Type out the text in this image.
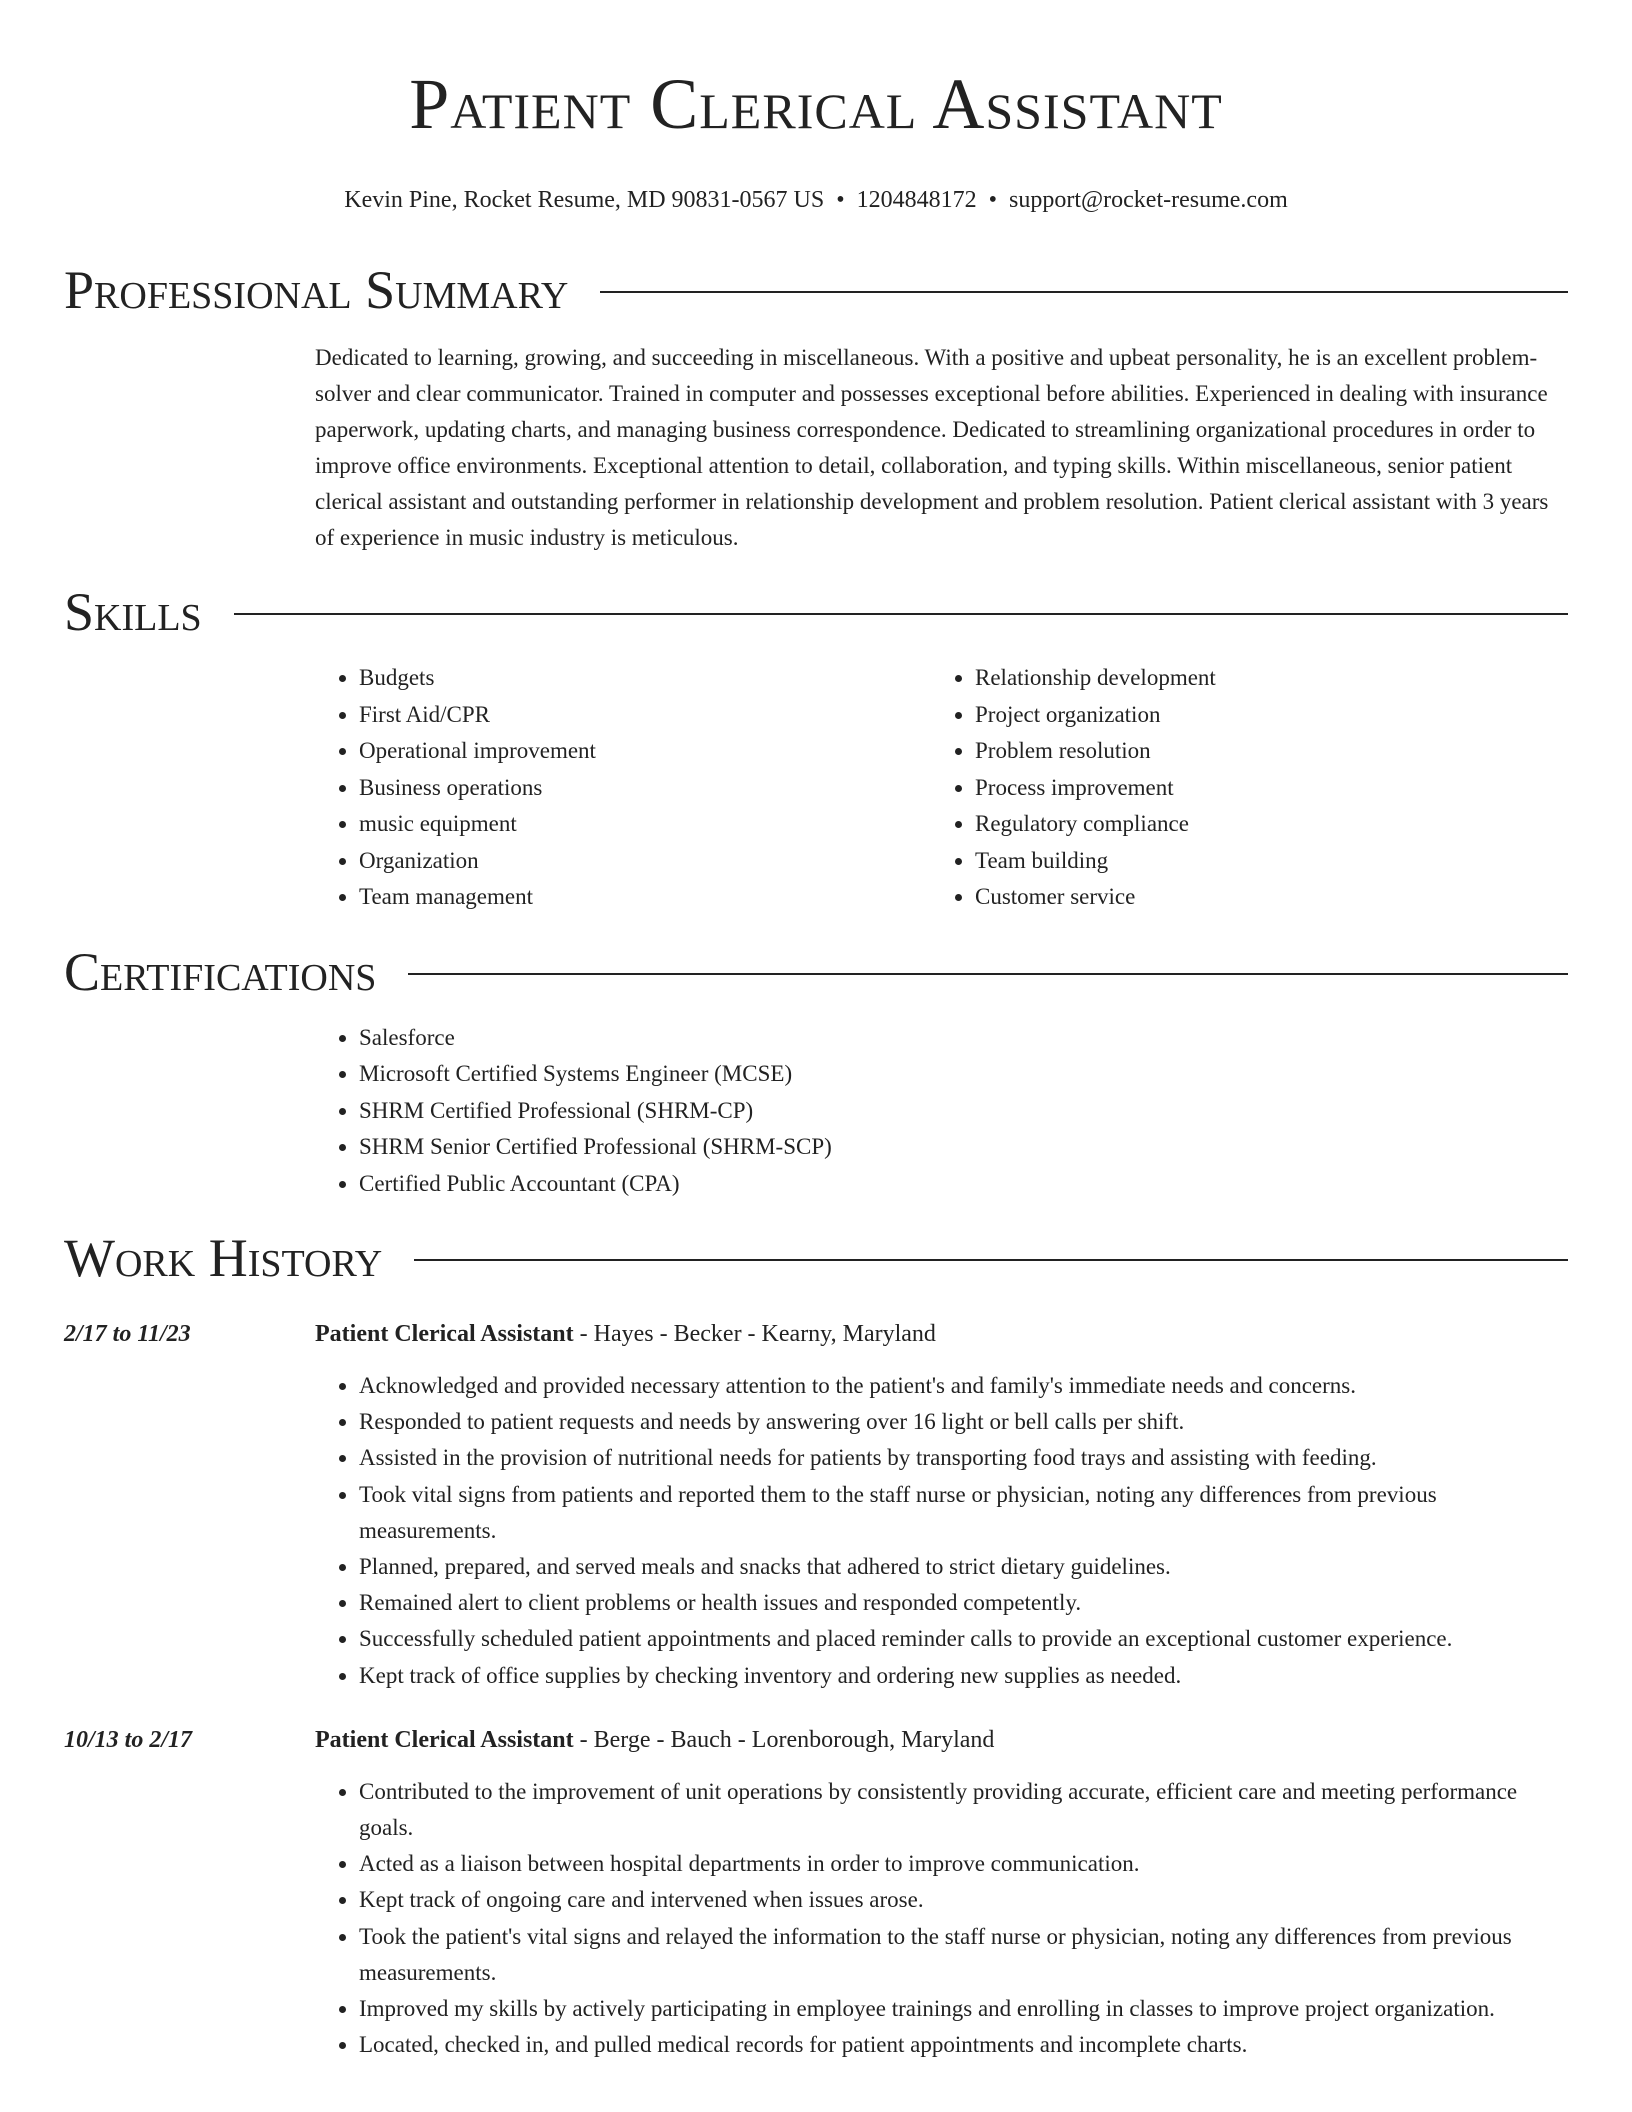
Patient Clerical Assistant
Kevin Pine, Rocket Resume, MD 90831-0567 US • 1204848172 • support@rocket-resume.com
Professional Summary
Dedicated to learning, growing, and succeeding in miscellaneous. With a positive and upbeat personality, he is an excellent problem-solver and clear communicator. Trained in computer and possesses exceptional before abilities. Experienced in dealing with insurance paperwork, updating charts, and managing business correspondence. Dedicated to streamlining organizational procedures in order to improve office environments. Exceptional attention to detail, collaboration, and typing skills. Within miscellaneous, senior patient clerical assistant and outstanding performer in relationship development and problem resolution. Patient clerical assistant with 3 years of experience in music industry is meticulous.
Skills
• Budgets
• First Aid/CPR
• Operational improvement
• Business operations
• music equipment
• Organization
• Team management
• Relationship development
• Project organization
• Problem resolution
• Process improvement
• Regulatory compliance
• Team building
• Customer service
Certifications
• Salesforce
• Microsoft Certified Systems Engineer (MCSE)
• SHRM Certified Professional (SHRM-CP)
• SHRM Senior Certified Professional (SHRM-SCP)
• Certified Public Accountant (CPA)
Work History
2/17 to 11/23	Patient Clerical Assistant - Hayes - Becker - Kearny, Maryland
• Acknowledged and provided necessary attention to the patient's and family's immediate needs and concerns.
• Responded to patient requests and needs by answering over 16 light or bell calls per shift.
• Assisted in the provision of nutritional needs for patients by transporting food trays and assisting with feeding.
• Took vital signs from patients and reported them to the staff nurse or physician, noting any differences from previous measurements.
• Planned, prepared, and served meals and snacks that adhered to strict dietary guidelines.
• Remained alert to client problems or health issues and responded competently.
• Successfully scheduled patient appointments and placed reminder calls to provide an exceptional customer experience.
• Kept track of office supplies by checking inventory and ordering new supplies as needed.
10/13 to 2/17	Patient Clerical Assistant - Berge - Bauch - Lorenborough, Maryland
• Contributed to the improvement of unit operations by consistently providing accurate, efficient care and meeting performance goals.
• Acted as a liaison between hospital departments in order to improve communication.
• Kept track of ongoing care and intervened when issues arose.
• Took the patient's vital signs and relayed the information to the staff nurse or physician, noting any differences from previous measurements.
• Improved my skills by actively participating in employee trainings and enrolling in classes to improve project organization.
• Located, checked in, and pulled medical records for patient appointments and incomplete charts.
